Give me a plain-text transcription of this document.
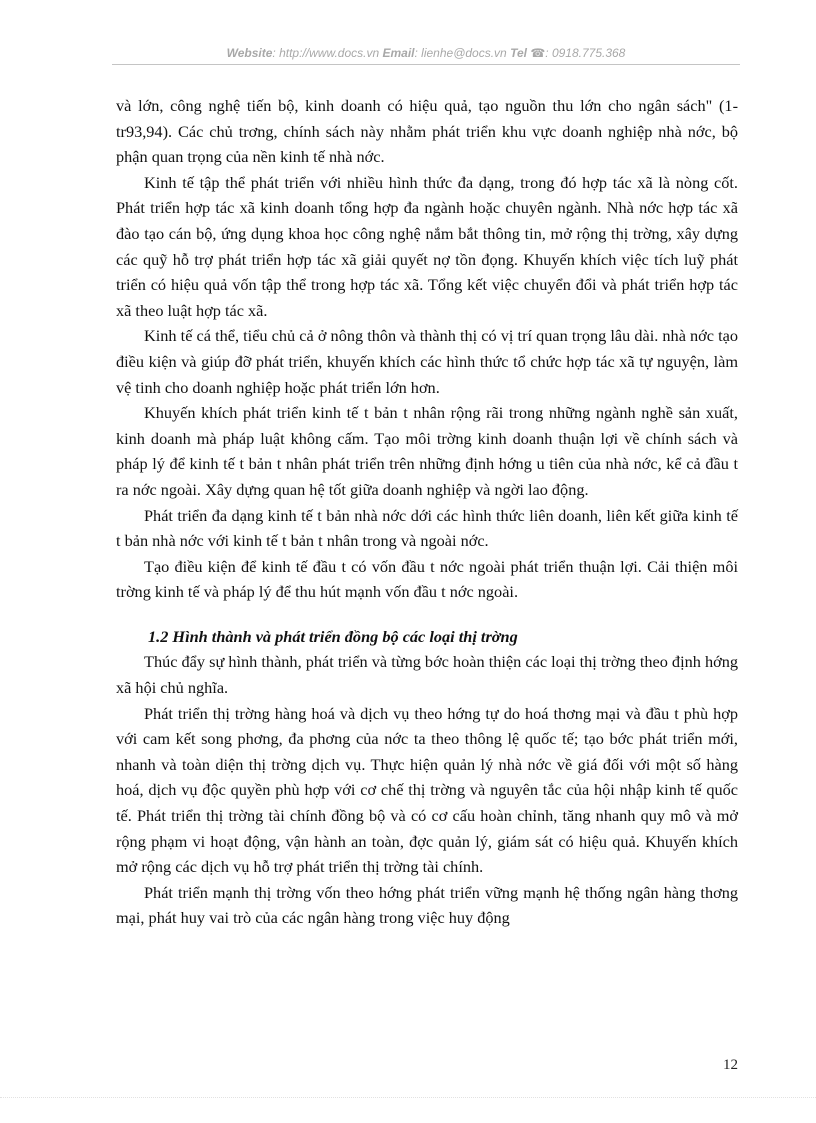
Website: http://www.docs.vn Email: lienhe@docs.vn Tel ☎: 0918.775.368

và lớn, công nghệ tiến bộ, kinh doanh có hiệu quả, tạo nguồn thu lớn cho ngân sách" (1-tr93,94). Các chủ trơng, chính sách này nhằm phát triển khu vực doanh nghiệp nhà nớc, bộ phận quan trọng của nền kinh tế nhà nớc.

Kinh tế tập thể phát triển với nhiều hình thức đa dạng, trong đó hợp tác xã là nòng cốt. Phát triển hợp tác xã kinh doanh tổng hợp đa ngành hoặc chuyên ngành. Nhà nớc hợp tác xã đào tạo cán bộ, ứng dụng khoa học công nghệ nắm bắt thông tin, mở rộng thị trờng, xây dựng các quỹ hỗ trợ phát triển hợp tác xã giải quyết nợ tồn đọng. Khuyến khích việc tích luỹ phát triển có hiệu quả vốn tập thể trong hợp tác xã. Tổng kết việc chuyển đổi và phát triển hợp tác xã theo luật hợp tác xã.

Kinh tế cá thể, tiểu chủ cả ở nông thôn và thành thị có vị trí quan trọng lâu dài. nhà nớc tạo điều kiện và giúp đỡ phát triển, khuyến khích các hình thức tổ chức hợp tác xã tự nguyện, làm vệ tinh cho doanh nghiệp hoặc phát triển lớn hơn.

Khuyến khích phát triển kinh tế t bản t nhân rộng rãi trong những ngành nghề sản xuất, kinh doanh mà pháp luật không cấm. Tạo môi trờng kinh doanh thuận lợi về chính sách và pháp lý để kinh tế t bản t nhân phát triển trên những định hớng u tiên của nhà nớc, kể cả đầu t ra nớc ngoài. Xây dựng quan hệ tốt giữa doanh nghiệp và ngời lao động.

Phát triển đa dạng kinh tế t bản nhà nớc dới các hình thức liên doanh, liên kết giữa kinh tế t bản nhà nớc với kinh tế t bản t nhân trong và ngoài nớc.

Tạo điều kiện để kinh tế đầu t có vốn đầu t nớc ngoài phát triển thuận lợi. Cải thiện môi trờng kinh tế và pháp lý để thu hút mạnh vốn đầu t nớc ngoài.

1.2 Hình thành và phát triển đồng bộ các loại thị trờng

Thúc đẩy sự hình thành, phát triển và từng bớc hoàn thiện các loại thị trờng theo định hớng xã hội chủ nghĩa.

Phát triển thị trờng hàng hoá và dịch vụ theo hớng tự do hoá thơng mại và đầu t phù hợp với cam kết song phơng, đa phơng của nớc ta theo thông lệ quốc tế; tạo bớc phát triển mới, nhanh và toàn diện thị trờng dịch vụ. Thực hiện quản lý nhà nớc về giá đối với một số hàng hoá, dịch vụ độc quyền phù hợp với cơ chế thị trờng và nguyên tắc của hội nhập kinh tế quốc tế. Phát triển thị trờng tài chính đồng bộ và có cơ cấu hoàn chỉnh, tăng nhanh quy mô và mở rộng phạm vi hoạt động, vận hành an toàn, đợc quản lý, giám sát có hiệu quả. Khuyến khích mở rộng các dịch vụ hỗ trợ phát triển thị trờng tài chính.

Phát triển mạnh thị trờng vốn theo hớng phát triển vững mạnh hệ thống ngân hàng thơng mại, phát huy vai trò của các ngân hàng trong việc huy động

12
